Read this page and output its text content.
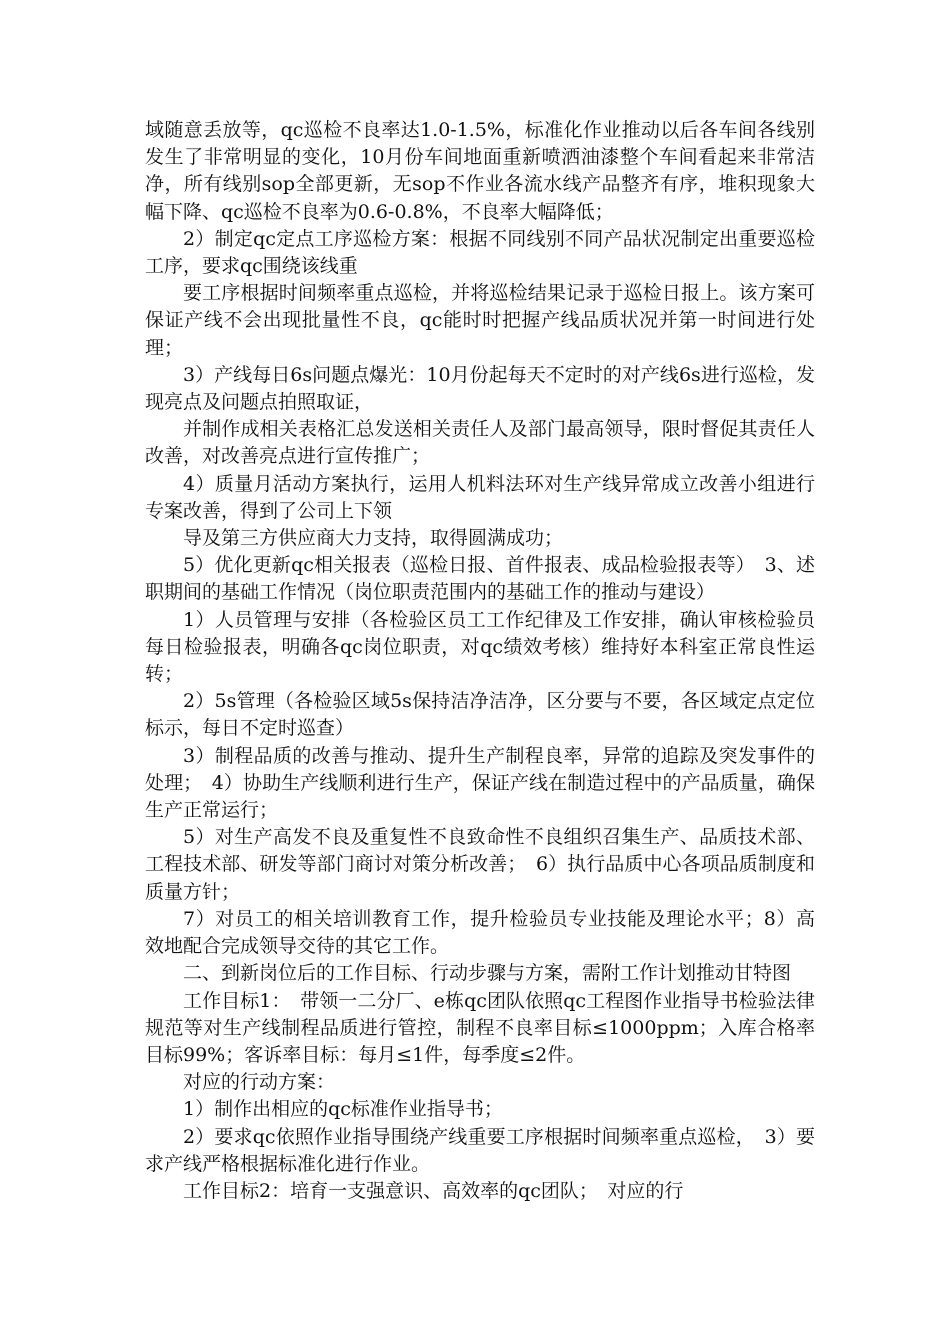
域随意丢放等，qc巡检不良率达1.0-1.5%，标准化作业推动以后各车间各线别发生了非常明显的变化，10月份车间地面重新喷洒油漆整个车间看起来非常洁净，所有线别sop全部更新，无sop不作业各流水线产品整齐有序，堆积现象大幅下降、qc巡检不良率为0.6-0.8%，不良率大幅降低；

2）制定qc定点工序巡检方案：根据不同线别不同产品状况制定出重要巡检工序，要求qc围绕该线重

要工序根据时间频率重点巡检，并将巡检结果记录于巡检日报上。该方案可保证产线不会出现批量性不良，qc能时时把握产线品质状况并第一时间进行处理；

3）产线每日6s问题点爆光：10月份起每天不定时的对产线6s进行巡检，发现亮点及问题点拍照取证，

并制作成相关表格汇总发送相关责任人及部门最高领导，限时督促其责任人改善，对改善亮点进行宣传推广；

4）质量月活动方案执行，运用人机料法环对生产线异常成立改善小组进行专案改善，得到了公司上下领

导及第三方供应商大力支持，取得圆满成功；

5）优化更新qc相关报表（巡检日报、首件报表、成品检验报表等）　3、述职期间的基础工作情况（岗位职责范围内的基础工作的推动与建设）

1）人员管理与安排（各检验区员工工作纪律及工作安排，确认审核检验员每日检验报表，明确各qc岗位职责，对qc绩效考核）维持好本科室正常良性运转；

2）5s管理（各检验区域5s保持洁净洁净，区分要与不要，各区域定点定位标示，每日不定时巡查）

3）制程品质的改善与推动、提升生产制程良率，异常的追踪及突发事件的处理；　4）协助生产线顺利进行生产，保证产线在制造过程中的产品质量，确保生产正常运行；

5）对生产高发不良及重复性不良致命性不良组织召集生产、品质技术部、工程技术部、研发等部门商讨对策分析改善；　6）执行品质中心各项品质制度和质量方针；

7）对员工的相关培训教育工作，提升检验员专业技能及理论水平；8）高效地配合完成领导交待的其它工作。

二、到新岗位后的工作目标、行动步骤与方案，需附工作计划推动甘特图

工作目标1：　带领一二分厂、e栋qc团队依照qc工程图作业指导书检验法律规范等对生产线制程品质进行管控，制程不良率目标≤1000ppm；入库合格率目标99%；客诉率目标：每月≤1件，每季度≤2件。

对应的行动方案：

1）制作出相应的qc标准作业指导书；

2）要求qc依照作业指导围绕产线重要工序根据时间频率重点巡检，　3）要求产线严格根据标准化进行作业。

工作目标2：培育一支强意识、高效率的qc团队；　对应的行
